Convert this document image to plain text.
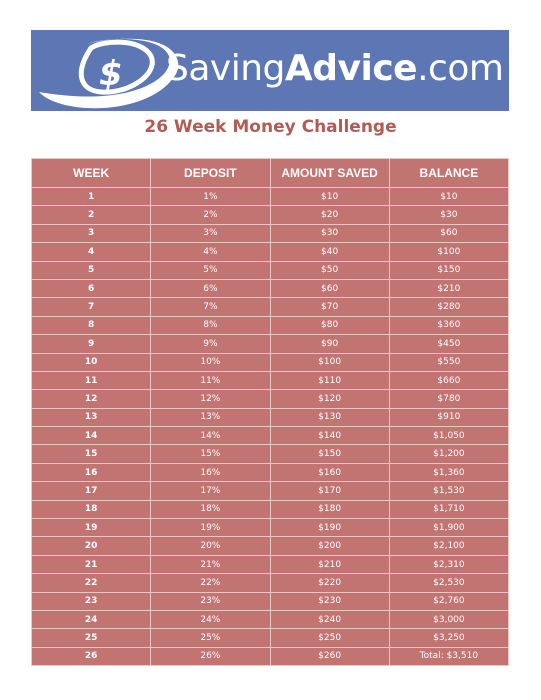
$ SavingAdvice.com
26 Week Money Challenge
WEEK	DEPOSIT	AMOUNT SAVED	BALANCE
1	1%	$10	$10
2	2%	$20	$30
3	3%	$30	$60
4	4%	$40	$100
5	5%	$50	$150
6	6%	$60	$210
7	7%	$70	$280
8	8%	$80	$360
9	9%	$90	$450
10	10%	$100	$550
11	11%	$110	$660
12	12%	$120	$780
13	13%	$130	$910
14	14%	$140	$1,050
15	15%	$150	$1,200
16	16%	$160	$1,360
17	17%	$170	$1,530
18	18%	$180	$1,710
19	19%	$190	$1,900
20	20%	$200	$2,100
21	21%	$210	$2,310
22	22%	$220	$2,530
23	23%	$230	$2,760
24	24%	$240	$3,000
25	25%	$250	$3,250
26	26%	$260	Total: $3,510
